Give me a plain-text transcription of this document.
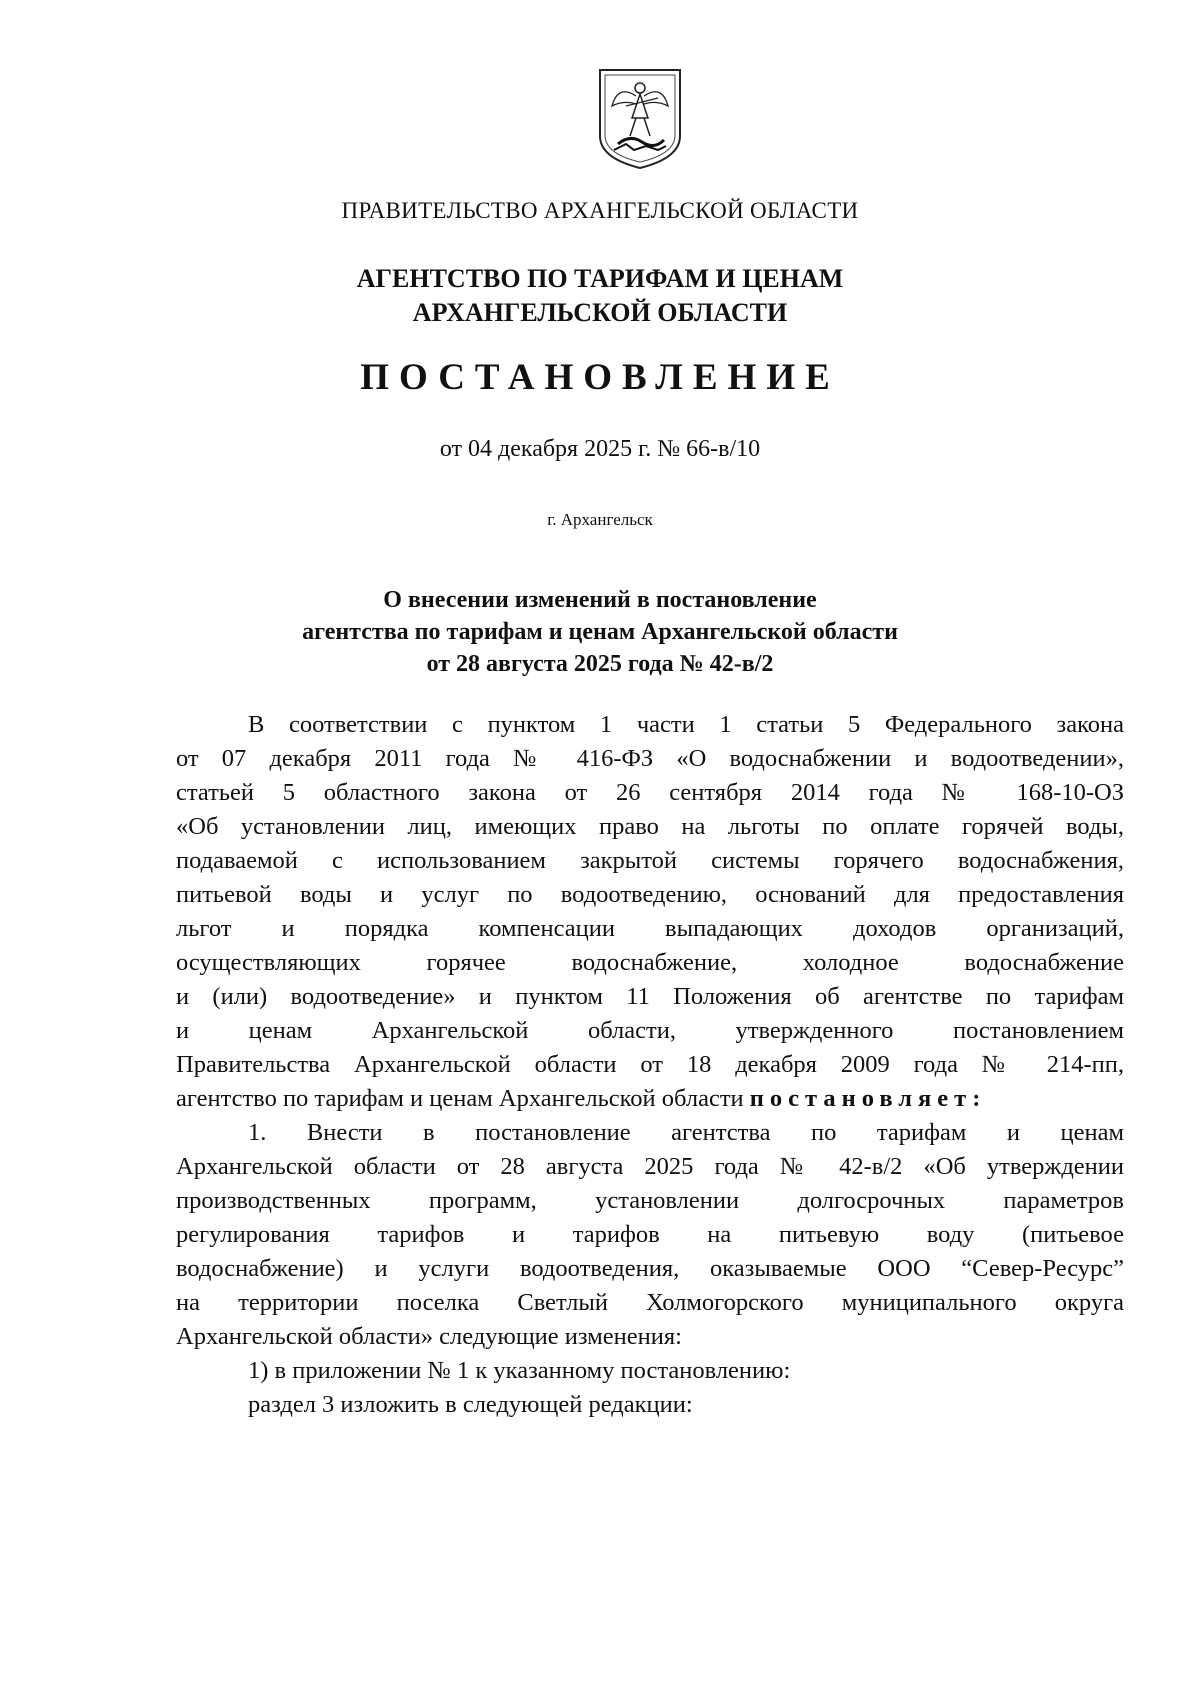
ПРАВИТЕЛЬСТВО АРХАНГЕЛЬСКОЙ ОБЛАСТИ
АГЕНТСТВО ПО ТАРИФАМ И ЦЕНАМ
АРХАНГЕЛЬСКОЙ ОБЛАСТИ
ПОСТАНОВЛЕНИЕ
от 04 декабря 2025 г. № 66-в/10
г. Архангельск
О внесении изменений в постановление
агентства по тарифам и ценам Архангельской области
от 28 августа 2025 года № 42-в/2
В соответствии с пунктом 1 части 1 статьи 5 Федерального закона
от 07 декабря 2011 года № 416-ФЗ «О водоснабжении и водоотведении»,
статьей 5 областного закона от 26 сентября 2014 года № 168-10-ОЗ
«Об установлении лиц, имеющих право на льготы по оплате горячей воды,
подаваемой с использованием закрытой системы горячего водоснабжения,
питьевой воды и услуг по водоотведению, оснований для предоставления
льгот и порядка компенсации выпадающих доходов организаций,
осуществляющих горячее водоснабжение, холодное водоснабжение
и (или) водоотведение» и пунктом 11 Положения об агентстве по тарифам
и ценам Архангельской области, утвержденного постановлением
Правительства Архангельской области от 18 декабря 2009 года № 214-пп,
агентство по тарифам и ценам Архангельской области постановляет:
1. Внести в постановление агентства по тарифам и ценам
Архангельской области от 28 августа 2025 года № 42-в/2 «Об утверждении
производственных программ, установлении долгосрочных параметров
регулирования тарифов и тарифов на питьевую воду (питьевое
водоснабжение) и услуги водоотведения, оказываемые ООО “Север-Ресурс”
на территории поселка Светлый Холмогорского муниципального округа
Архангельской области» следующие изменения:
1) в приложении № 1 к указанному постановлению:
раздел 3 изложить в следующей редакции:
